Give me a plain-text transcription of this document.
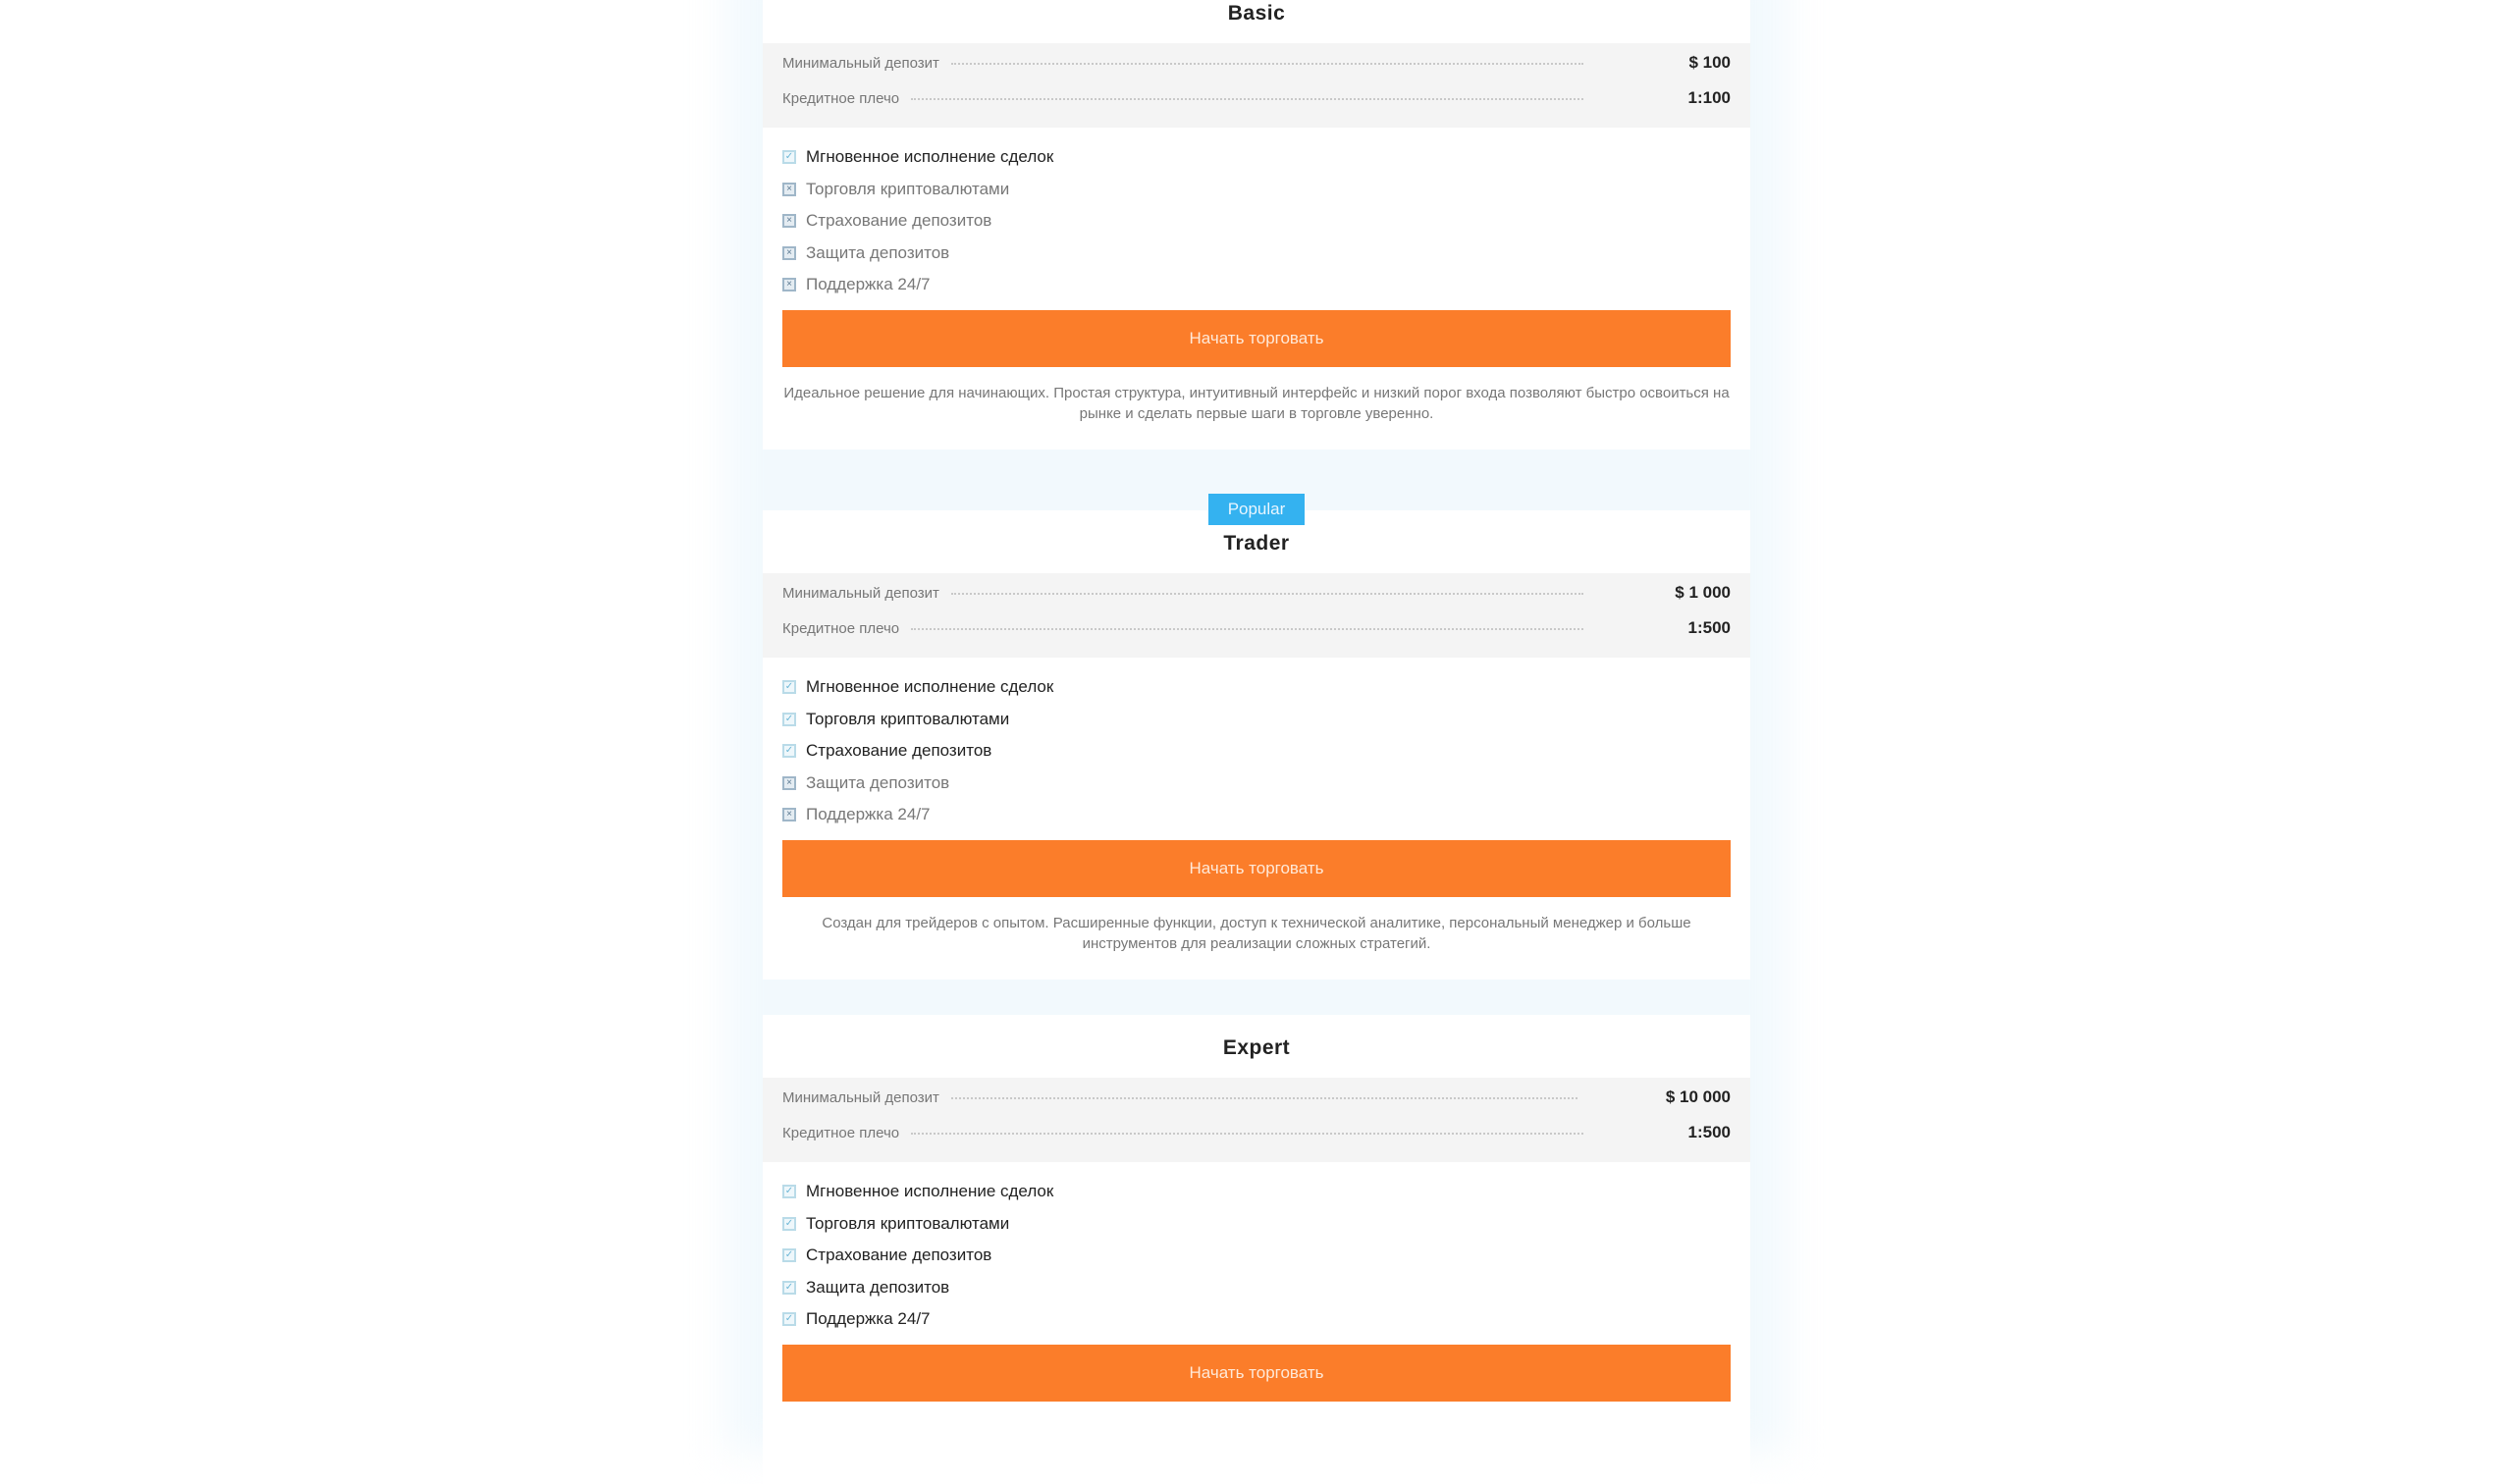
Basic
Минимальный депозит	$ 100
Кредитное плечо	1:100
✓ Мгновенное исполнение сделок
× Торговля криптовалютами
× Страхование депозитов
× Защита депозитов
× Поддержка 24/7
Начать торговать
Идеальное решение для начинающих. Простая структура, интуитивный интерфейс и низкий порог входа позволяют быстро освоиться на рынке и сделать первые шаги в торговле уверенно.
Trader
Минимальный депозит	$ 1 000
Кредитное плечо	1:500
✓ Мгновенное исполнение сделок
✓ Торговля криптовалютами
✓ Страхование депозитов
× Защита депозитов
× Поддержка 24/7
Начать торговать
Создан для трейдеров с опытом. Расширенные функции, доступ к технической аналитике, персональный менеджер и больше инструментов для реализации сложных стратегий.
Expert
Минимальный депозит	$ 10 000
Кредитное плечо	1:500
✓ Мгновенное исполнение сделок
✓ Торговля криптовалютами
✓ Страхование депозитов
✓ Защита депозитов
✓ Поддержка 24/7
Начать торговать
Popular
